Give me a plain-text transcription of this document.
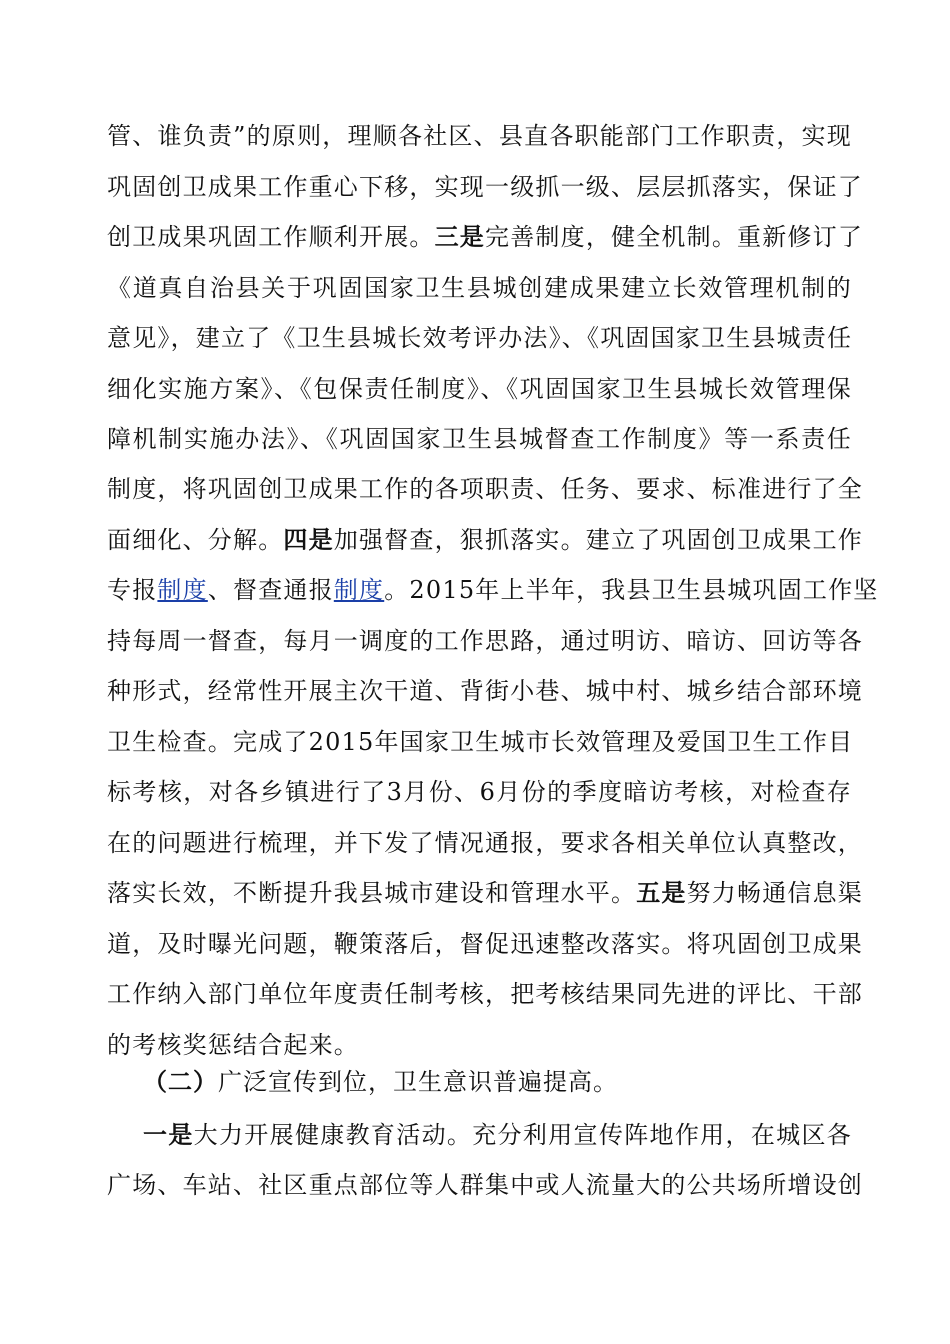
管、谁负责”的原则，理顺各社区、县直各职能部门工作职责，实现
巩固创卫成果工作重心下移，实现一级抓一级、层层抓落实，保证了
创卫成果巩固工作顺利开展。三是完善制度，健全机制。重新修订了
《道真自治县关于巩固国家卫生县城创建成果建立长效管理机制的
意见》，建立了《卫生县城长效考评办法》、《巩固国家卫生县城责任
细化实施方案》、《包保责任制度》、《巩固国家卫生县城长效管理保
障机制实施办法》、《巩固国家卫生县城督查工作制度》等一系责任
制度，将巩固创卫成果工作的各项职责、任务、要求、标准进行了全
面细化、分解。四是加强督查，狠抓落实。建立了巩固创卫成果工作
专报制度、督查通报制度。2015年上半年，我县卫生县城巩固工作坚
持每周一督查，每月一调度的工作思路，通过明访、暗访、回访等各
种形式，经常性开展主次干道、背街小巷、城中村、城乡结合部环境
卫生检查。完成了2015年国家卫生城市长效管理及爱国卫生工作目
标考核，对各乡镇进行了3月份、6月份的季度暗访考核，对检查存
在的问题进行梳理，并下发了情况通报，要求各相关单位认真整改，
落实长效，不断提升我县城市建设和管理水平。五是努力畅通信息渠
道，及时曝光问题，鞭策落后，督促迅速整改落实。将巩固创卫成果
工作纳入部门单位年度责任制考核，把考核结果同先进的评比、干部
的考核奖惩结合起来。
（二）广泛宣传到位，卫生意识普遍提高。
一是大力开展健康教育活动。充分利用宣传阵地作用，在城区各
广场、车站、社区重点部位等人群集中或人流量大的公共场所增设创
